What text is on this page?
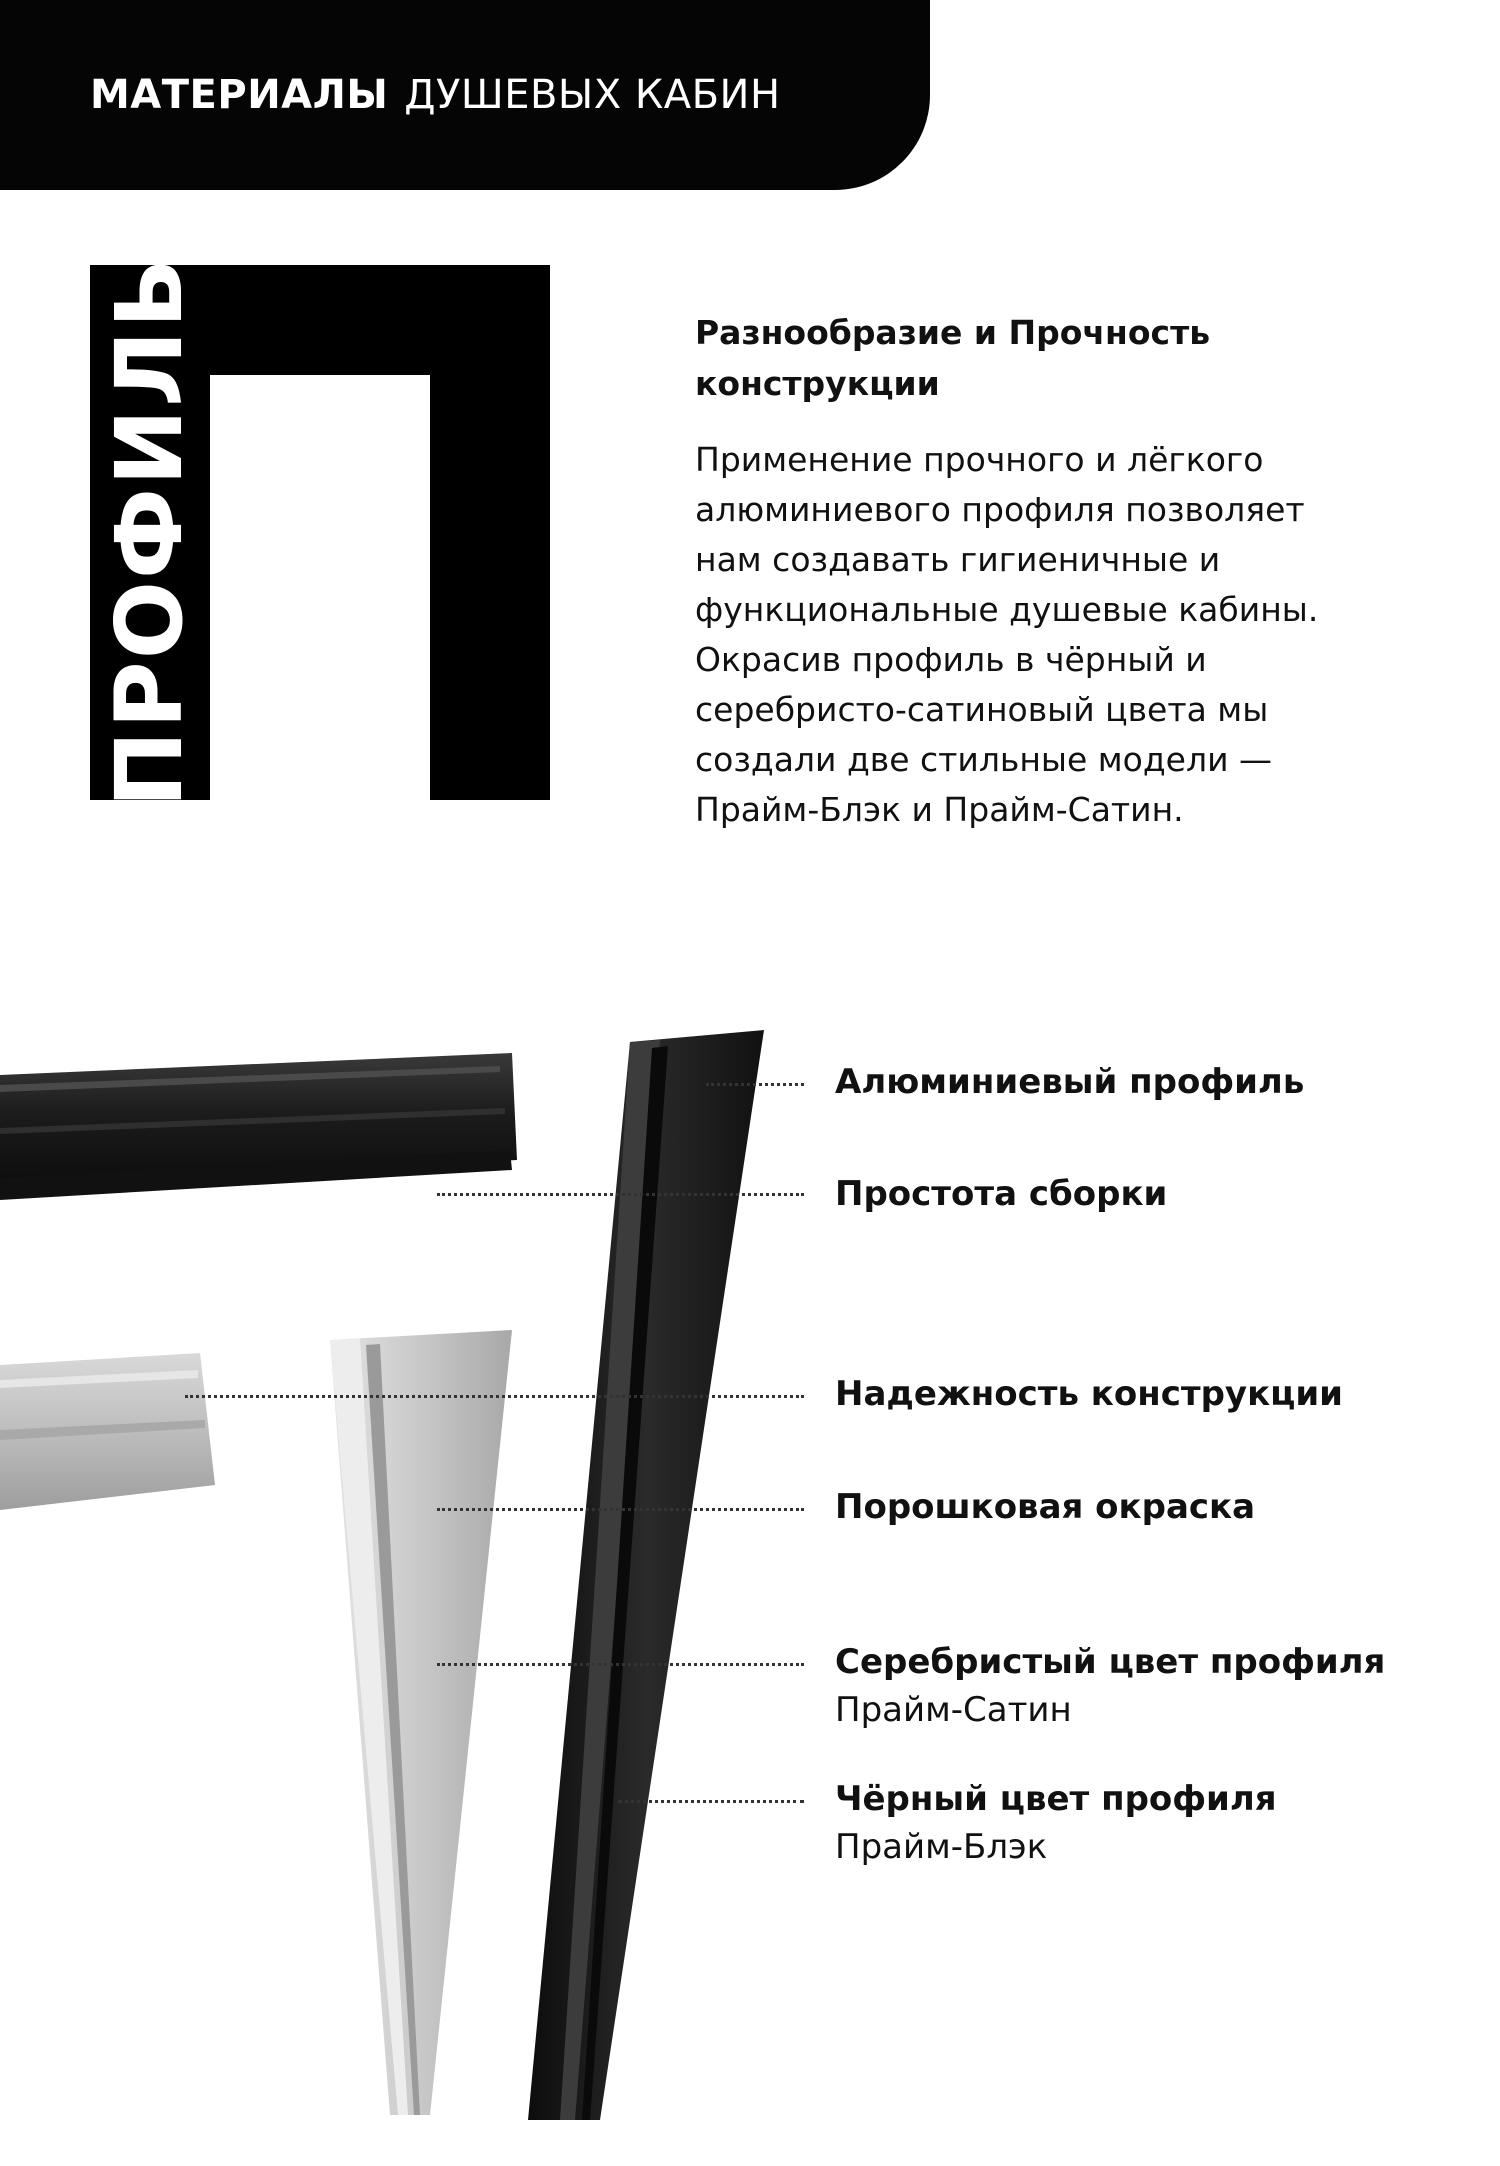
МАТЕРИАЛЫ ДУШЕВЫХ КАБИН
ПРОФИЛЬ	Разнообразие и Прочность
конструкции
Применение прочного и лёгкого
алюминиевого профиля позволяет
нам создавать гигиеничные и
функциональные душевые кабины.
Окрасив профиль в чёрный и
серебристо-сатиновый цвета мы
создали две стильные модели —
Прайм-Блэк и Прайм-Сатин.
Алюминиевый профиль
Простота сборки
Надежность конструкции
Порошковая окраска
Серебристый цвет профиля
Прайм-Сатин
Чёрный цвет профиля
Прайм-Блэк
